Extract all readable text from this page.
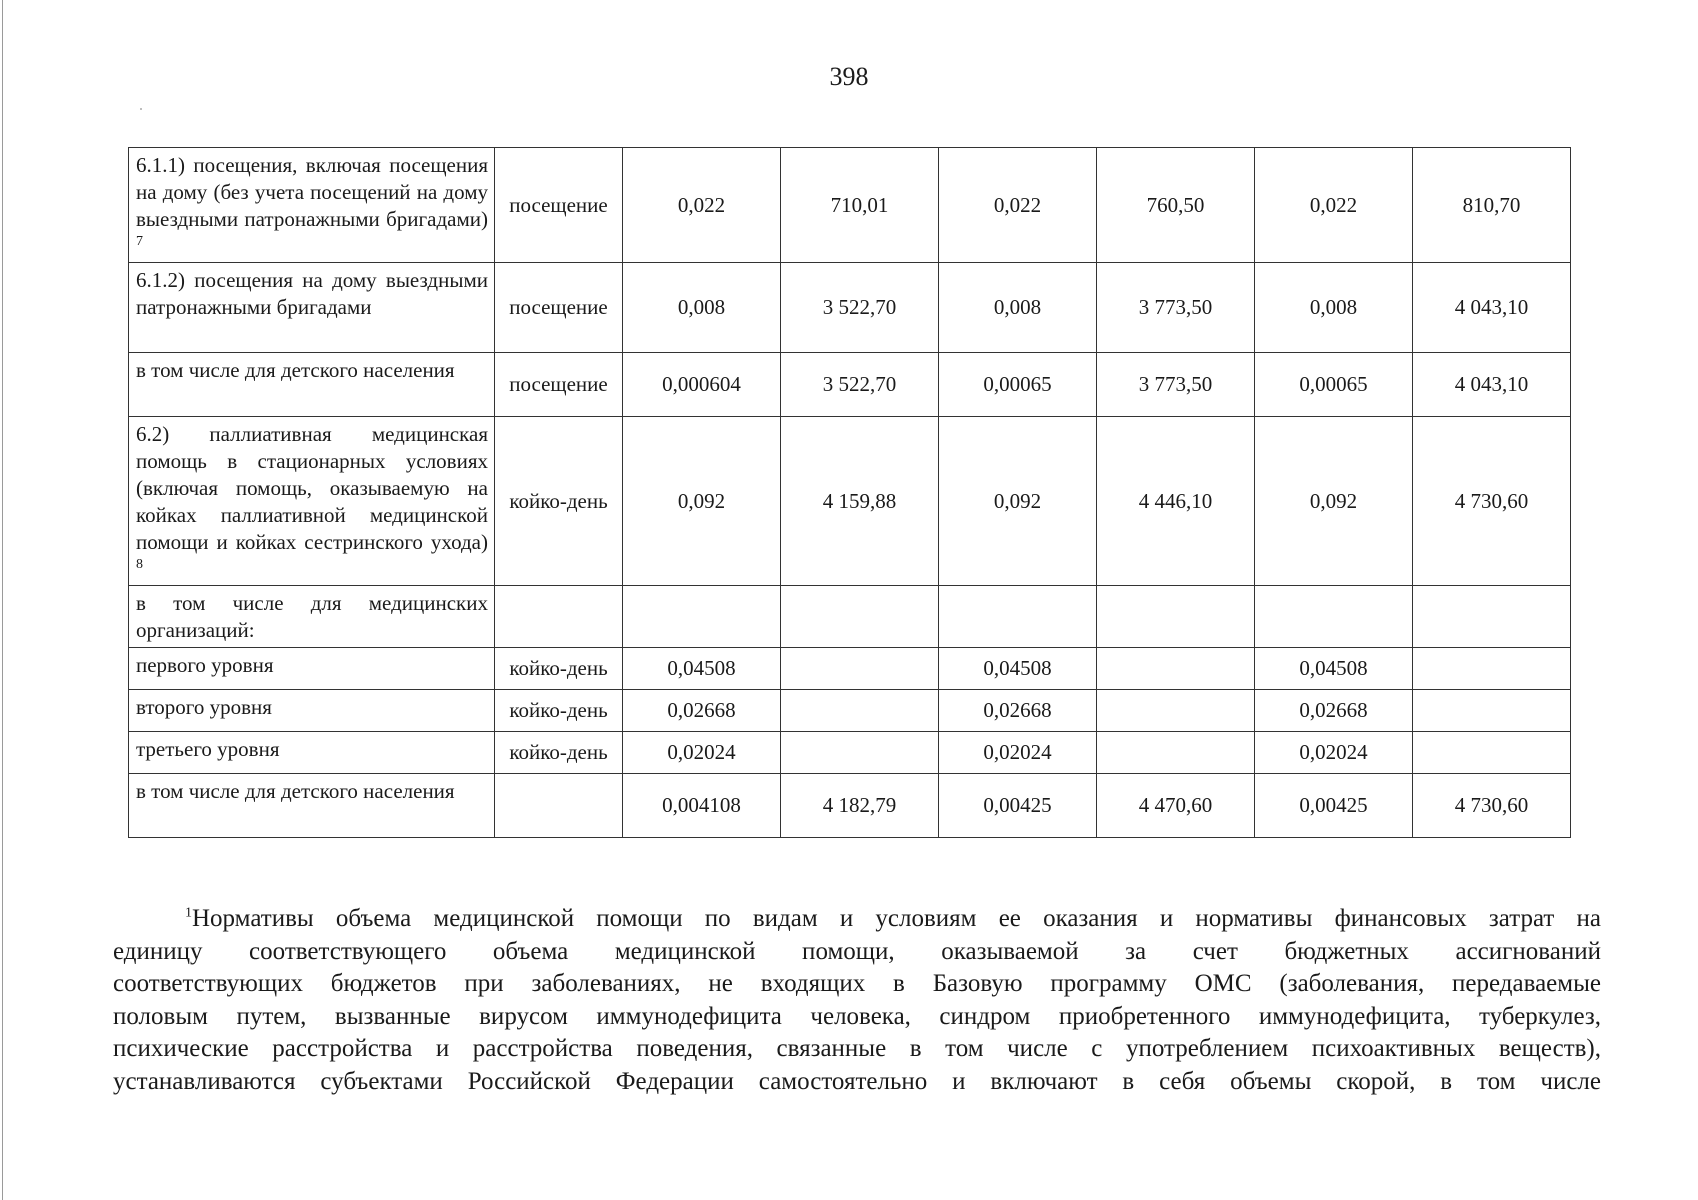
398
6.1.1) посещения, включая посещения на дому (без учета посещений на дому выездными патронажными бригадами) $^7$	посещение	0,022	710,01	0,022	760,50	0,022	810,70
6.1.2) посещения на дому выездными патронажными бригадами	посещение	0,008	3 522,70	0,008	3 773,50	0,008	4 043,10
в том числе для детского населения	посещение	0,000604	3 522,70	0,00065	3 773,50	0,00065	4 043,10
6.2) паллиативная медицинская помощь в стационарных условиях (включая помощь, оказываемую на койках паллиативной медицинской помощи и койках сестринского ухода) $^8$	койко-день	0,092	4 159,88	0,092	4 446,10	0,092	4 730,60
в том числе для медицинских организаций:							
первого уровня	койко-день	0,04508		0,04508		0,04508	
второго уровня	койко-день	0,02668		0,02668		0,02668	
третьего уровня	койко-день	0,02024		0,02024		0,02024	
в том числе для детского населения		0,004108	4 182,79	0,00425	4 470,60	0,00425	4 730,60
$^1$Нормативы объема медицинской помощи по видам и условиям ее оказания и нормативы финансовых затрат на
единицу соответствующего объема медицинской помощи, оказываемой за счет бюджетных ассигнований
соответствующих бюджетов при заболеваниях, не входящих в Базовую программу ОМС (заболевания, передаваемые
половым путем, вызванные вирусом иммунодефицита человека, синдром приобретенного иммунодефицита, туберкулез,
психические расстройства и расстройства поведения, связанные в том числе с употреблением психоактивных веществ),
устанавливаются субъектами Российской Федерации самостоятельно и включают в себя объемы скорой, в том числе
